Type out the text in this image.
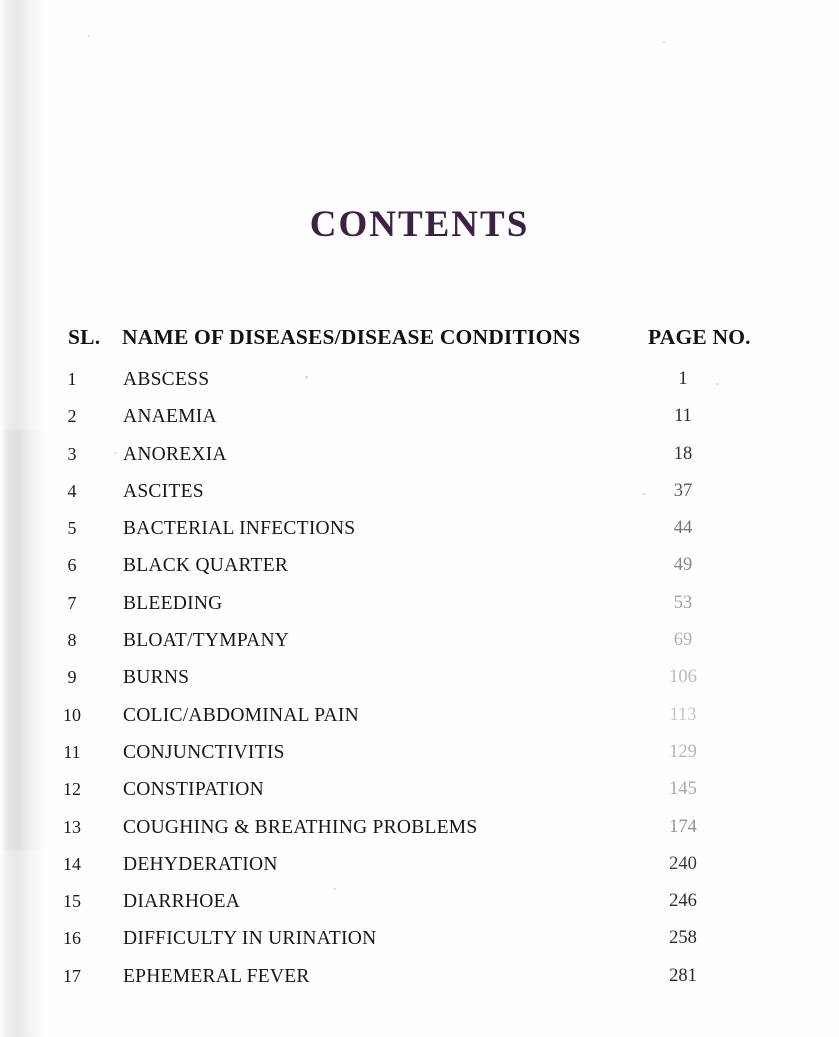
CONTENTS
SL. NAME OF DISEASES/DISEASE CONDITIONS	PAGE NO.
1	ABSCESS	1
2	ANAEMIA	11
3	ANOREXIA	18
4	ASCITES	37
5	BACTERIAL INFECTIONS	44
6	BLACK QUARTER	49
7	BLEEDING	53
8	BLOAT/TYMPANY	69
9	BURNS	106
10	COLIC/ABDOMINAL PAIN	113
11	CONJUNCTIVITIS	129
12	CONSTIPATION	145
13	COUGHING & BREATHING PROBLEMS	174
14	DEHYDERATION	240
15	DIARRHOEA	246
16	DIFFICULTY IN URINATION	258
17	EPHEMERAL FEVER	281
